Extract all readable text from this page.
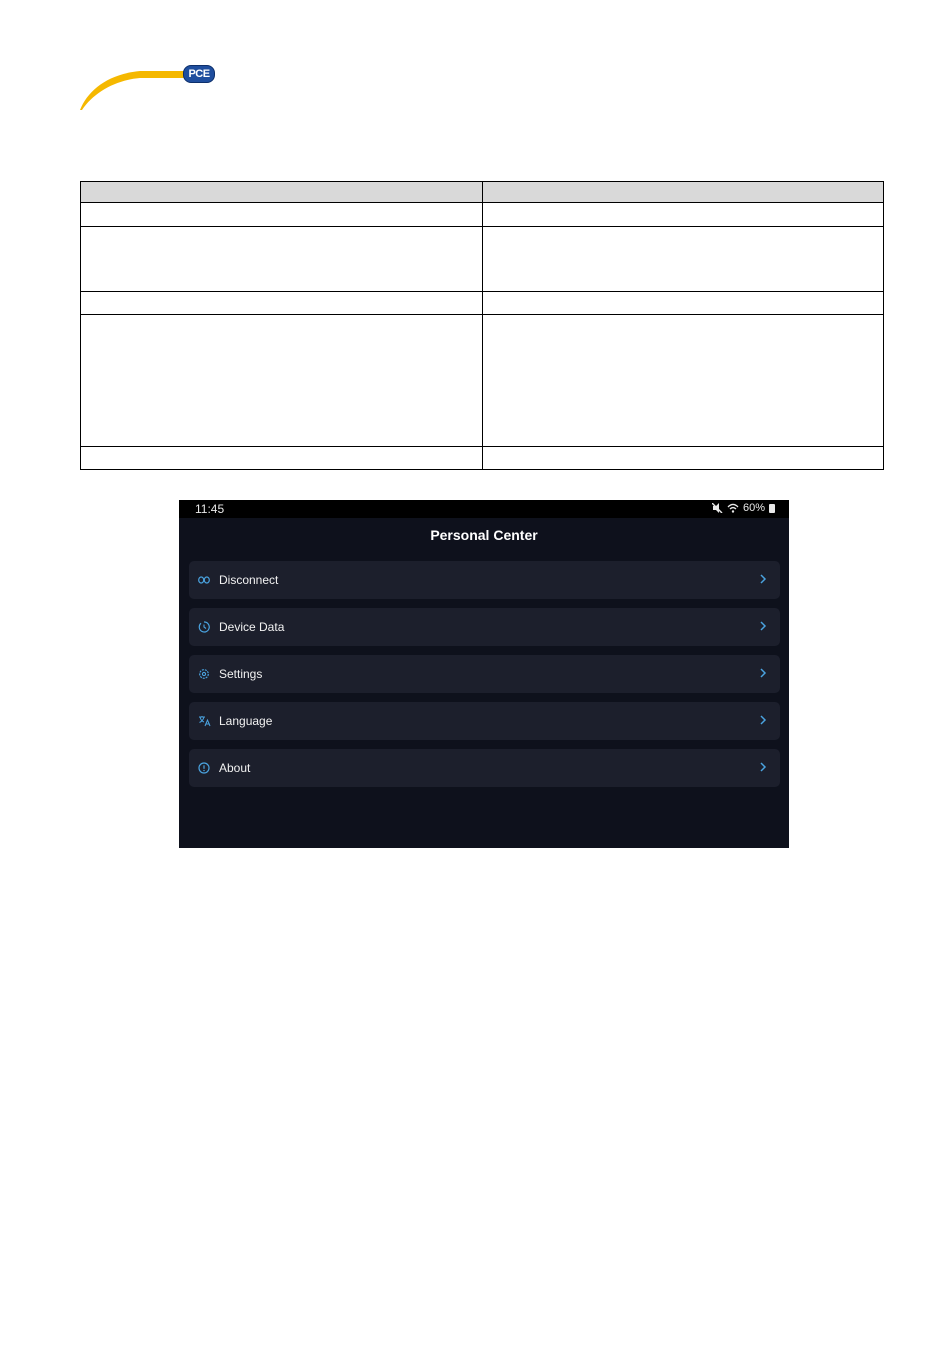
PCE

11:45	60%
Personal Center
Disconnect
Device Data
Settings
Language
About
